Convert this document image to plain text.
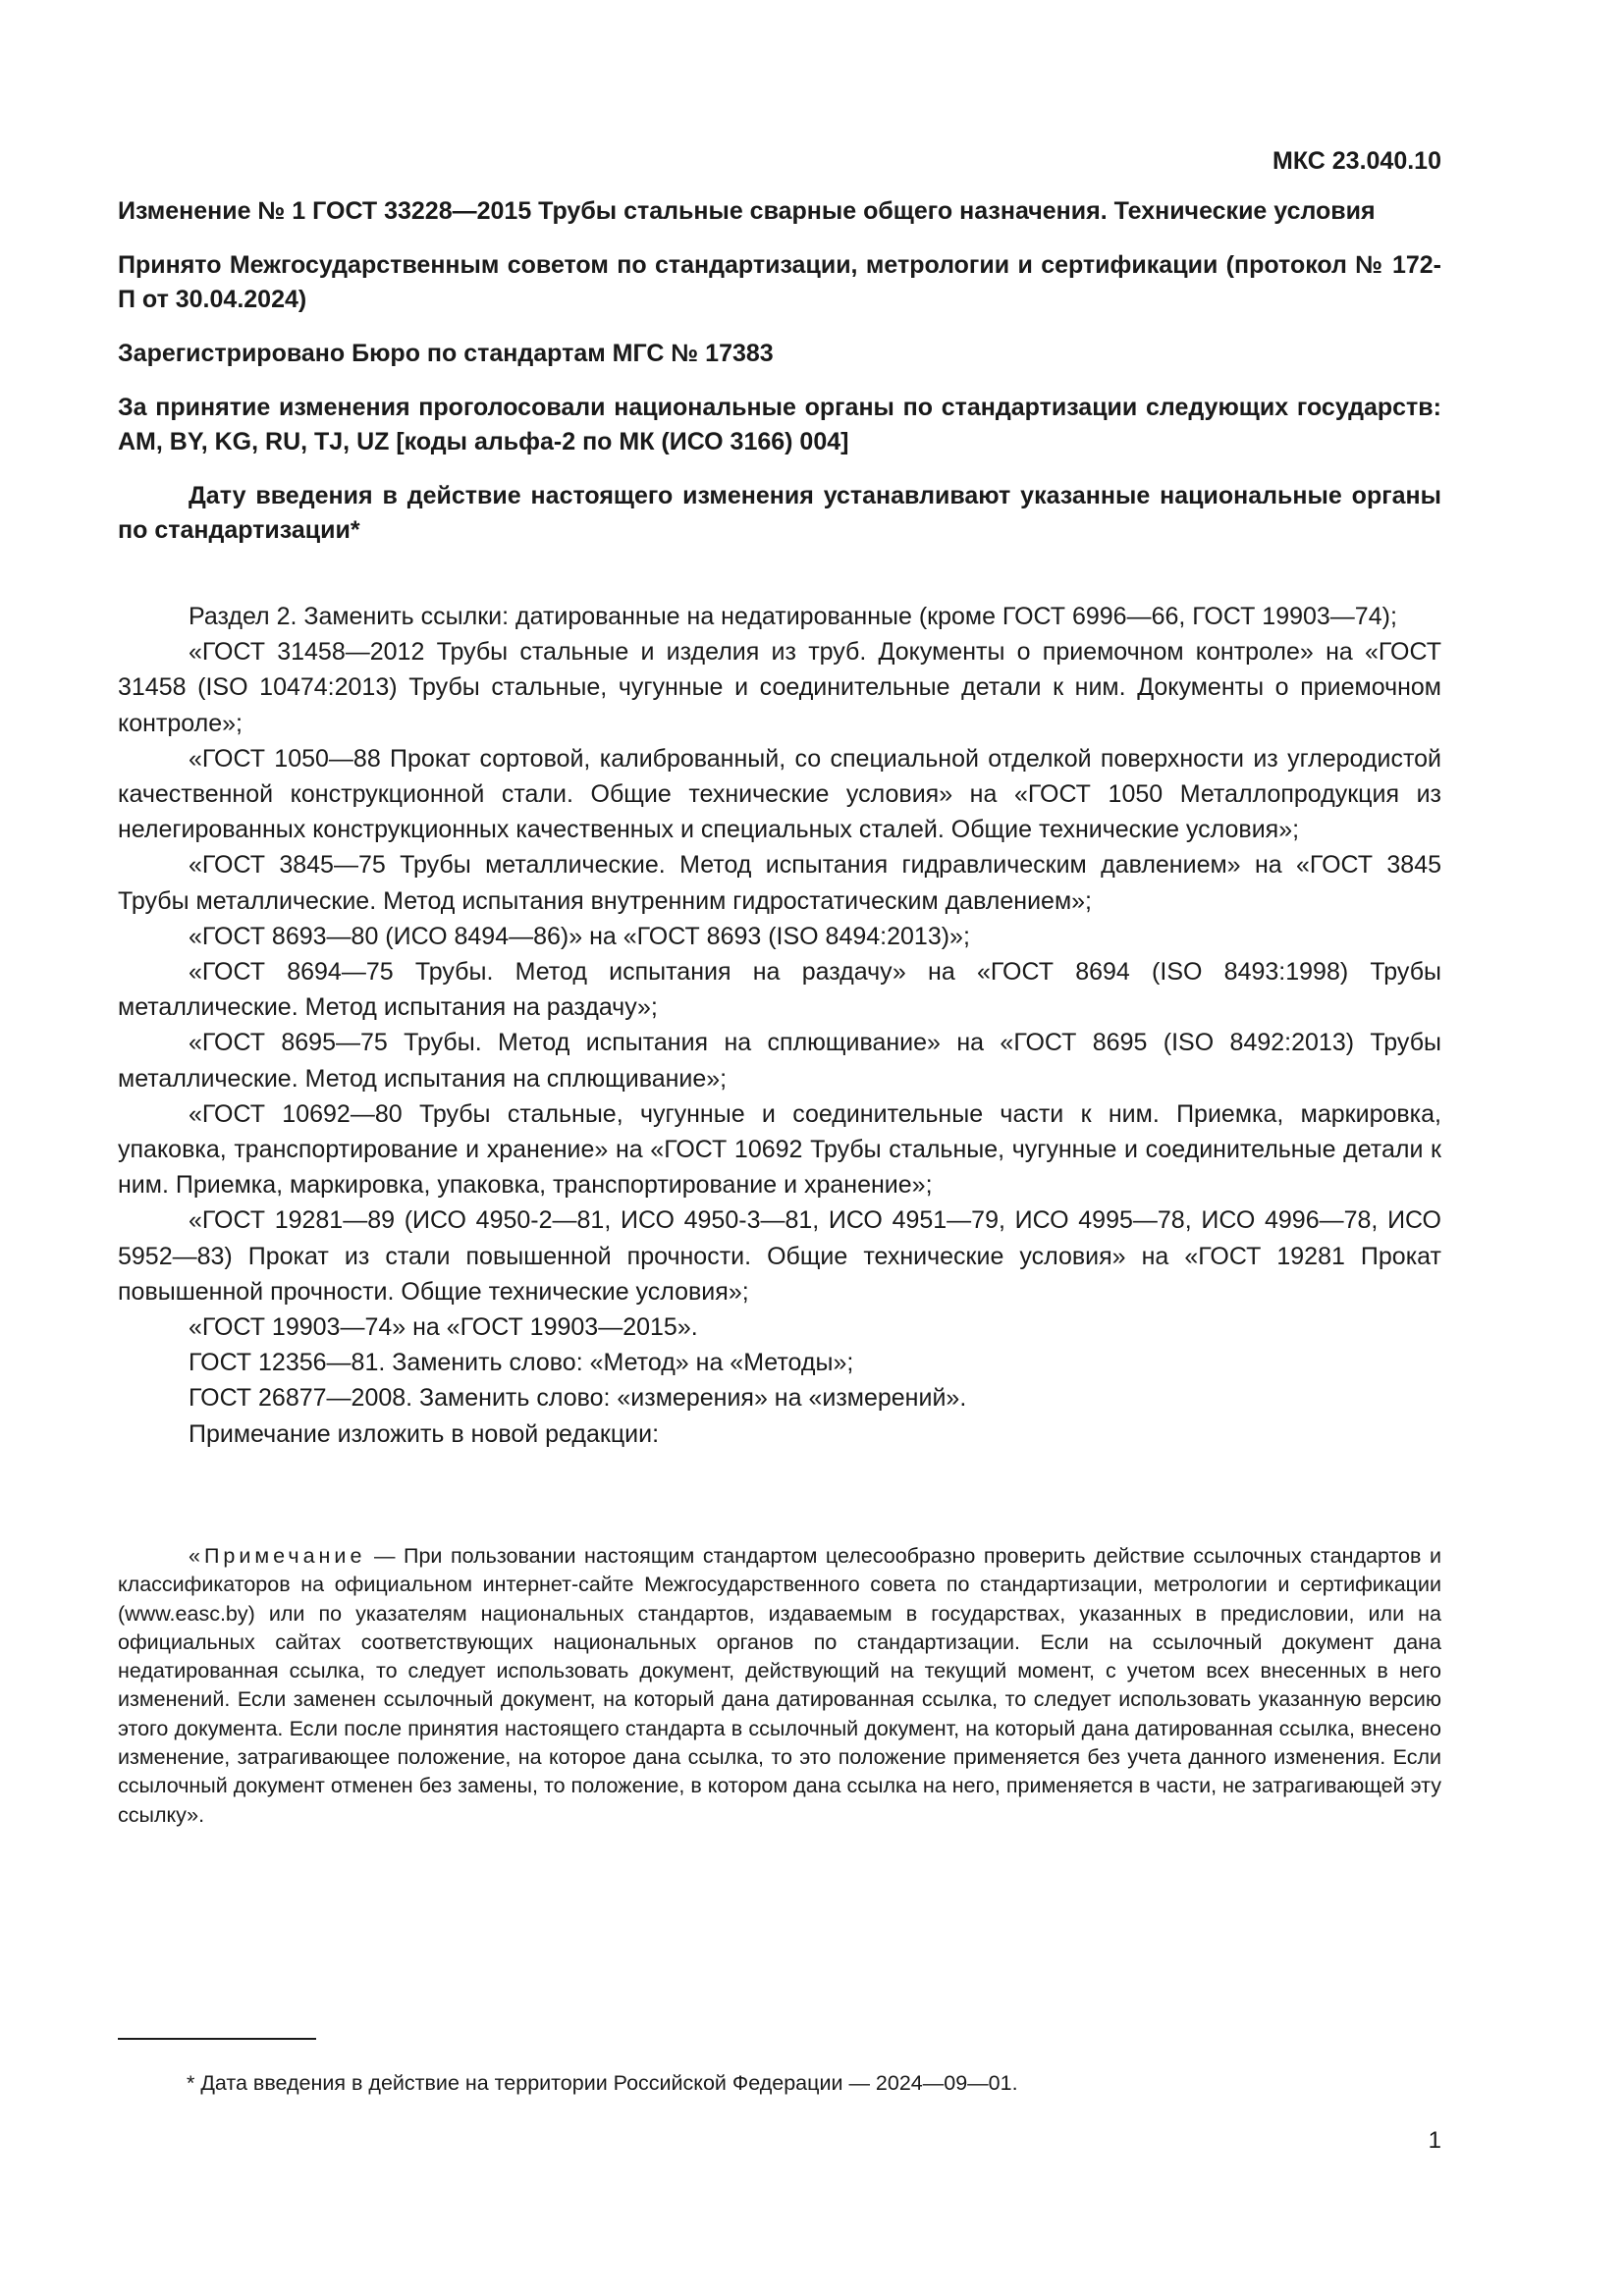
МКС 23.040.10

Изменение № 1 ГОСТ 33228—2015 Трубы стальные сварные общего назначения. Технические условия

Принято Межгосударственным советом по стандартизации, метрологии и сертификации (протокол № 172-П от 30.04.2024)

Зарегистрировано Бюро по стандартам МГС № 17383

За принятие изменения проголосовали национальные органы по стандартизации следующих государств: AM, BY, KG, RU, TJ, UZ [коды альфа-2 по МК (ИСО 3166) 004]

Дату введения в действие настоящего изменения устанавливают указанные национальные органы по стандартизации*

Раздел 2. Заменить ссылки: датированные на недатированные (кроме ГОСТ 6996—66, ГОСТ 19903—74);

«ГОСТ 31458—2012 Трубы стальные и изделия из труб. Документы о приемочном контроле» на «ГОСТ 31458 (ISO 10474:2013) Трубы стальные, чугунные и соединительные детали к ним. Документы о приемочном контроле»;

«ГОСТ 1050—88 Прокат сортовой, калиброванный, со специальной отделкой поверхности из углеродистой качественной конструкционной стали. Общие технические условия» на «ГОСТ 1050 Металлопродукция из нелегированных конструкционных качественных и специальных сталей. Общие технические условия»;

«ГОСТ 3845—75 Трубы металлические. Метод испытания гидравлическим давлением» на «ГОСТ 3845 Трубы металлические. Метод испытания внутренним гидростатическим давлением»;

«ГОСТ 8693—80 (ИСО 8494—86)» на «ГОСТ 8693 (ISO 8494:2013)»;

«ГОСТ 8694—75 Трубы. Метод испытания на раздачу» на «ГОСТ 8694 (ISO 8493:1998) Трубы металлические. Метод испытания на раздачу»;

«ГОСТ 8695—75 Трубы. Метод испытания на сплющивание» на «ГОСТ 8695 (ISO 8492:2013) Трубы металлические. Метод испытания на сплющивание»;

«ГОСТ 10692—80 Трубы стальные, чугунные и соединительные части к ним. Приемка, маркировка, упаковка, транспортирование и хранение» на «ГОСТ 10692 Трубы стальные, чугунные и соединительные детали к ним. Приемка, маркировка, упаковка, транспортирование и хранение»;

«ГОСТ 19281—89 (ИСО 4950-2—81, ИСО 4950-3—81, ИСО 4951—79, ИСО 4995—78, ИСО 4996—78, ИСО 5952—83) Прокат из стали повышенной прочности. Общие технические условия» на «ГОСТ 19281 Прокат повышенной прочности. Общие технические условия»;

«ГОСТ 19903—74» на «ГОСТ 19903—2015».

ГОСТ 12356—81. Заменить слово: «Метод» на «Методы»;

ГОСТ 26877—2008. Заменить слово: «измерения» на «измерений».

Примечание изложить в новой редакции:

«Примечание — При пользовании настоящим стандартом целесообразно проверить действие ссылочных стандартов и классификаторов на официальном интернет-сайте Межгосударственного совета по стандартизации, метрологии и сертификации (www.easc.by) или по указателям национальных стандартов, издаваемым в государствах, указанных в предисловии, или на официальных сайтах соответствующих национальных органов по стандартизации. Если на ссылочный документ дана недатированная ссылка, то следует использовать документ, действующий на текущий момент, с учетом всех внесенных в него изменений. Если заменен ссылочный документ, на который дана датированная ссылка, то следует использовать указанную версию этого документа. Если после принятия настоящего стандарта в ссылочный документ, на который дана датированная ссылка, внесено изменение, затрагивающее положение, на которое дана ссылка, то это положение применяется без учета данного изменения. Если ссылочный документ отменен без замены, то положение, в котором дана ссылка на него, применяется в части, не затрагивающей эту ссылку».

* Дата введения в действие на территории Российской Федерации — 2024—09—01.
1
